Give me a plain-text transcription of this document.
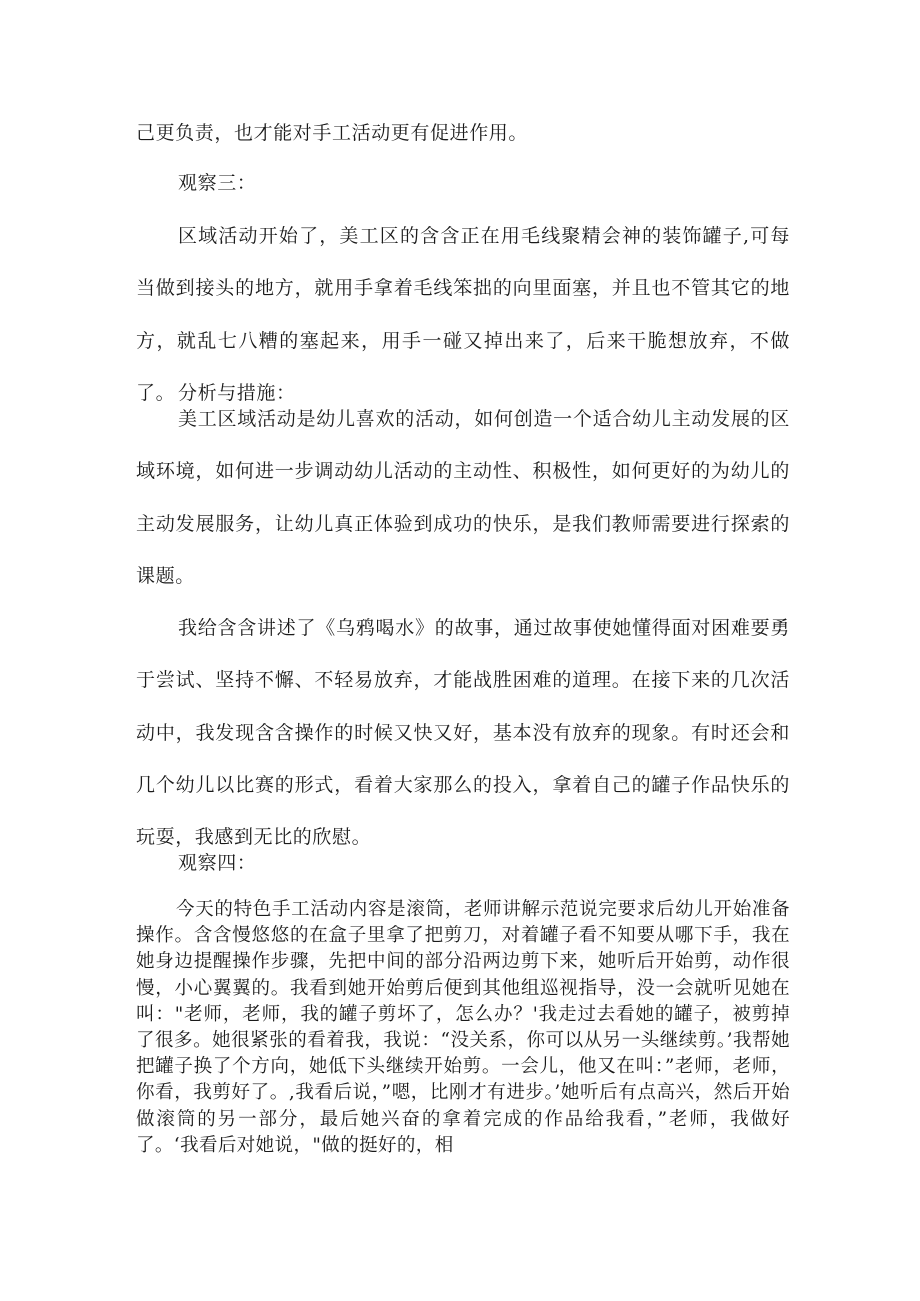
己更负责，也才能对手工活动更有促进作用。

观察三：

区域活动开始了，美工区的含含正在用毛线聚精会神的装饰罐子,可每当做到接头的地方，就用手拿着毛线笨拙的向里面塞，并且也不管其它的地方，就乱七八糟的塞起来，用手一碰又掉出来了，后来干脆想放弃，不做了。 分析与措施：

美工区域活动是幼儿喜欢的活动，如何创造一个适合幼儿主动发展的区域环境，如何进一步调动幼儿活动的主动性、积极性，如何更好的为幼儿的主动发展服务，让幼儿真正体验到成功的快乐，是我们教师需要进行探索的课题。

我给含含讲述了《乌鸦喝水》的故事，通过故事使她懂得面对困难要勇于尝试、坚持不懈、不轻易放弃，才能战胜困难的道理。在接下来的几次活动中，我发现含含操作的时候又快又好，基本没有放弃的现象。有时还会和几个幼儿以比赛的形式，看着大家那么的投入，拿着自己的罐子作品快乐的玩耍，我感到无比的欣慰。

观察四：

今天的特色手工活动内容是滚筒，老师讲解示范说完要求后幼儿开始准备操作。含含慢悠悠的在盒子里拿了把剪刀，对着罐子看不知要从哪下手，我在她身边提醒操作步骤，先把中间的部分沿两边剪下来，她听后开始剪，动作很慢，小心翼翼的。我看到她开始剪后便到其他组巡视指导，没一会就听见她在叫："老师，老师，我的罐子剪坏了，怎么办？'我走过去看她的罐子，被剪掉了很多。她很紧张的看着我，我说：“没关系，你可以从另一头继续剪。’我帮她把罐子换了个方向，她低下头继续开始剪。一会儿，他又在叫：”老师，老师，你看，我剪好了。,我看后说，”嗯，比刚才有进步。’她听后有点高兴，然后开始做滚筒的另一部分，最后她兴奋的拿着完成的作品给我看，”老师，我做好了。‘我看后对她说，"做的挺好的，相
